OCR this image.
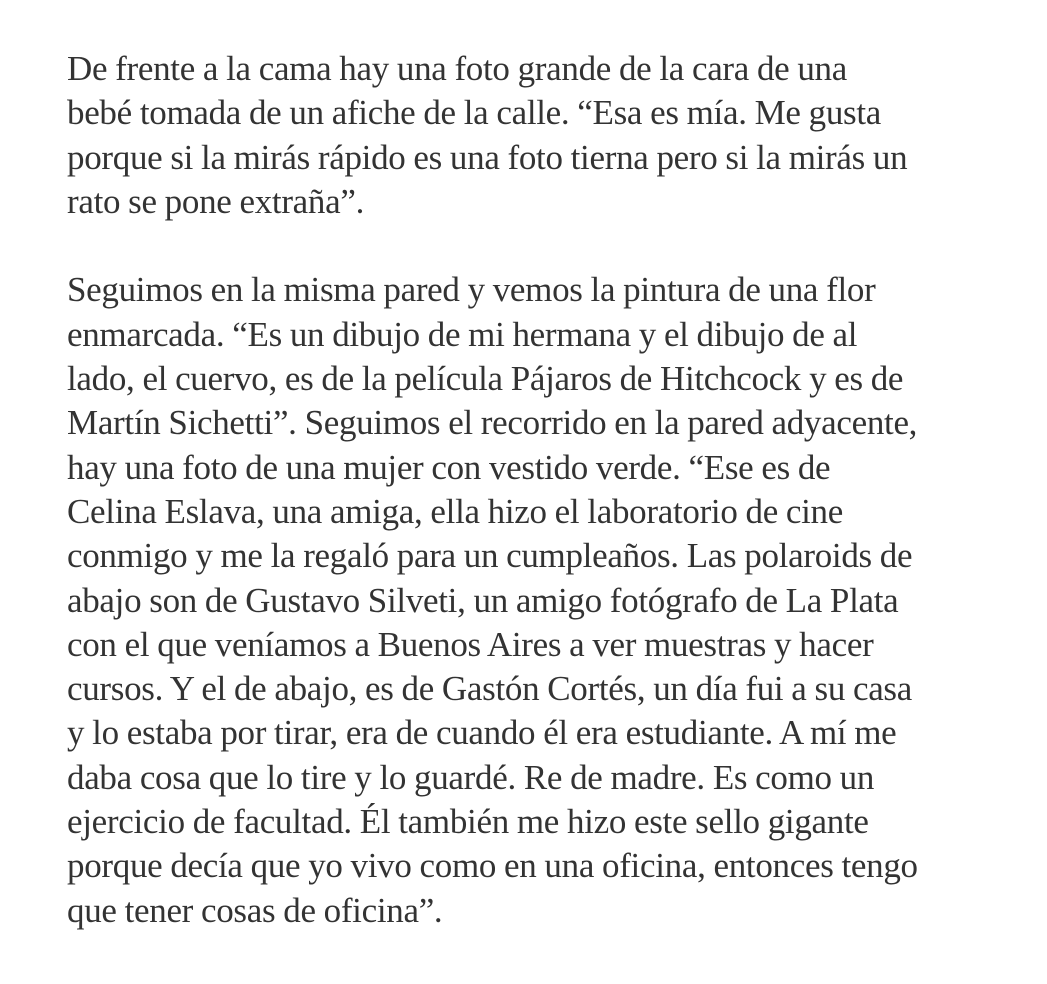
De frente a la cama hay una foto grande de la cara de una
bebé tomada de un afiche de la calle. “Esa es mía. Me gusta
porque si la mirás rápido es una foto tierna pero si la mirás un
rato se pone extraña”.

Seguimos en la misma pared y vemos la pintura de una flor
enmarcada. “Es un dibujo de mi hermana y el dibujo de al
lado, el cuervo, es de la película Pájaros de Hitchcock y es de
Martín Sichetti”. Seguimos el recorrido en la pared adyacente,
hay una foto de una mujer con vestido verde. “Ese es de
Celina Eslava, una amiga, ella hizo el laboratorio de cine
conmigo y me la regaló para un cumpleaños. Las polaroids de
abajo son de Gustavo Silveti, un amigo fotógrafo de La Plata
con el que veníamos a Buenos Aires a ver muestras y hacer
cursos. Y el de abajo, es de Gastón Cortés, un día fui a su casa
y lo estaba por tirar, era de cuando él era estudiante. A mí me
daba cosa que lo tire y lo guardé. Re de madre. Es como un
ejercicio de facultad. Él también me hizo este sello gigante
porque decía que yo vivo como en una oficina, entonces tengo
que tener cosas de oficina”.
